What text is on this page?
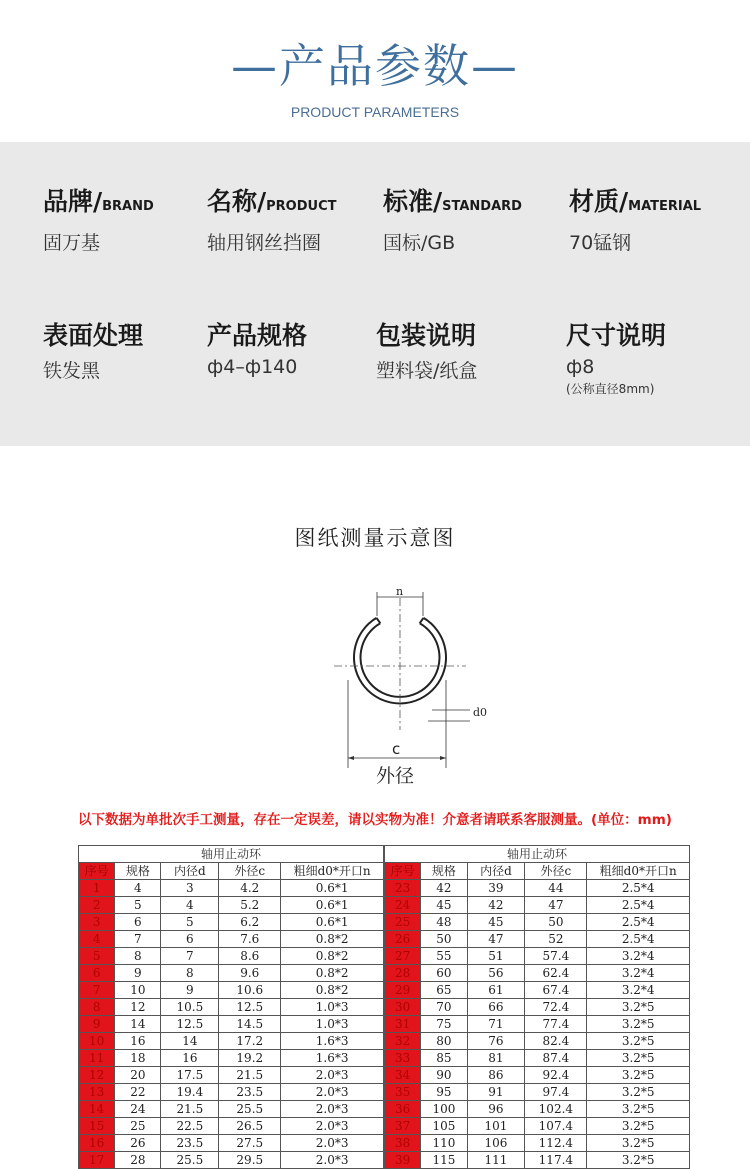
—产品参数—
PRODUCT PARAMETERS
品牌/BRAND
固万基
名称/PRODUCT
轴用钢丝挡圈
标准/STANDARD
国标/GB
材质/MATERIAL
70锰钢
表面处理
铁发黑
产品规格
ф4–ф140
包装说明
塑料袋/纸盒
尺寸说明
ф8
(公称直径8mm)
图纸测量示意图
n
d0
c
外径
以下数据为单批次手工测量，存在一定误差，请以实物为准！介意者请联系客服测量。(单位：mm)
轴用止动环				
序号	规格	内径d	外径c	粗细d0*开口n
1	4	3	4.2	0.6*1
2	5	4	5.2	0.6*1
3	6	5	6.2	0.6*1
4	7	6	7.6	0.8*2
5	8	7	8.6	0.8*2
6	9	8	9.6	0.8*2
7	10	9	10.6	0.8*2
8	12	10.5	12.5	1.0*3
9	14	12.5	14.5	1.0*3
10	16	14	17.2	1.6*3
11	18	16	19.2	1.6*3
12	20	17.5	21.5	2.0*3
13	22	19.4	23.5	2.0*3
14	24	21.5	25.5	2.0*3
15	25	22.5	26.5	2.0*3
16	26	23.5	27.5	2.0*3
17	28	25.5	29.5	2.0*3
轴用止动环				
序号	规格	内径d	外径c	粗细d0*开口n
23	42	39	44	2.5*4
24	45	42	47	2.5*4
25	48	45	50	2.5*4
26	50	47	52	2.5*4
27	55	51	57.4	3.2*4
28	60	56	62.4	3.2*4
29	65	61	67.4	3.2*4
30	70	66	72.4	3.2*5
31	75	71	77.4	3.2*5
32	80	76	82.4	3.2*5
33	85	81	87.4	3.2*5
34	90	86	92.4	3.2*5
35	95	91	97.4	3.2*5
36	100	96	102.4	3.2*5
37	105	101	107.4	3.2*5
38	110	106	112.4	3.2*5
39	115	111	117.4	3.2*5
